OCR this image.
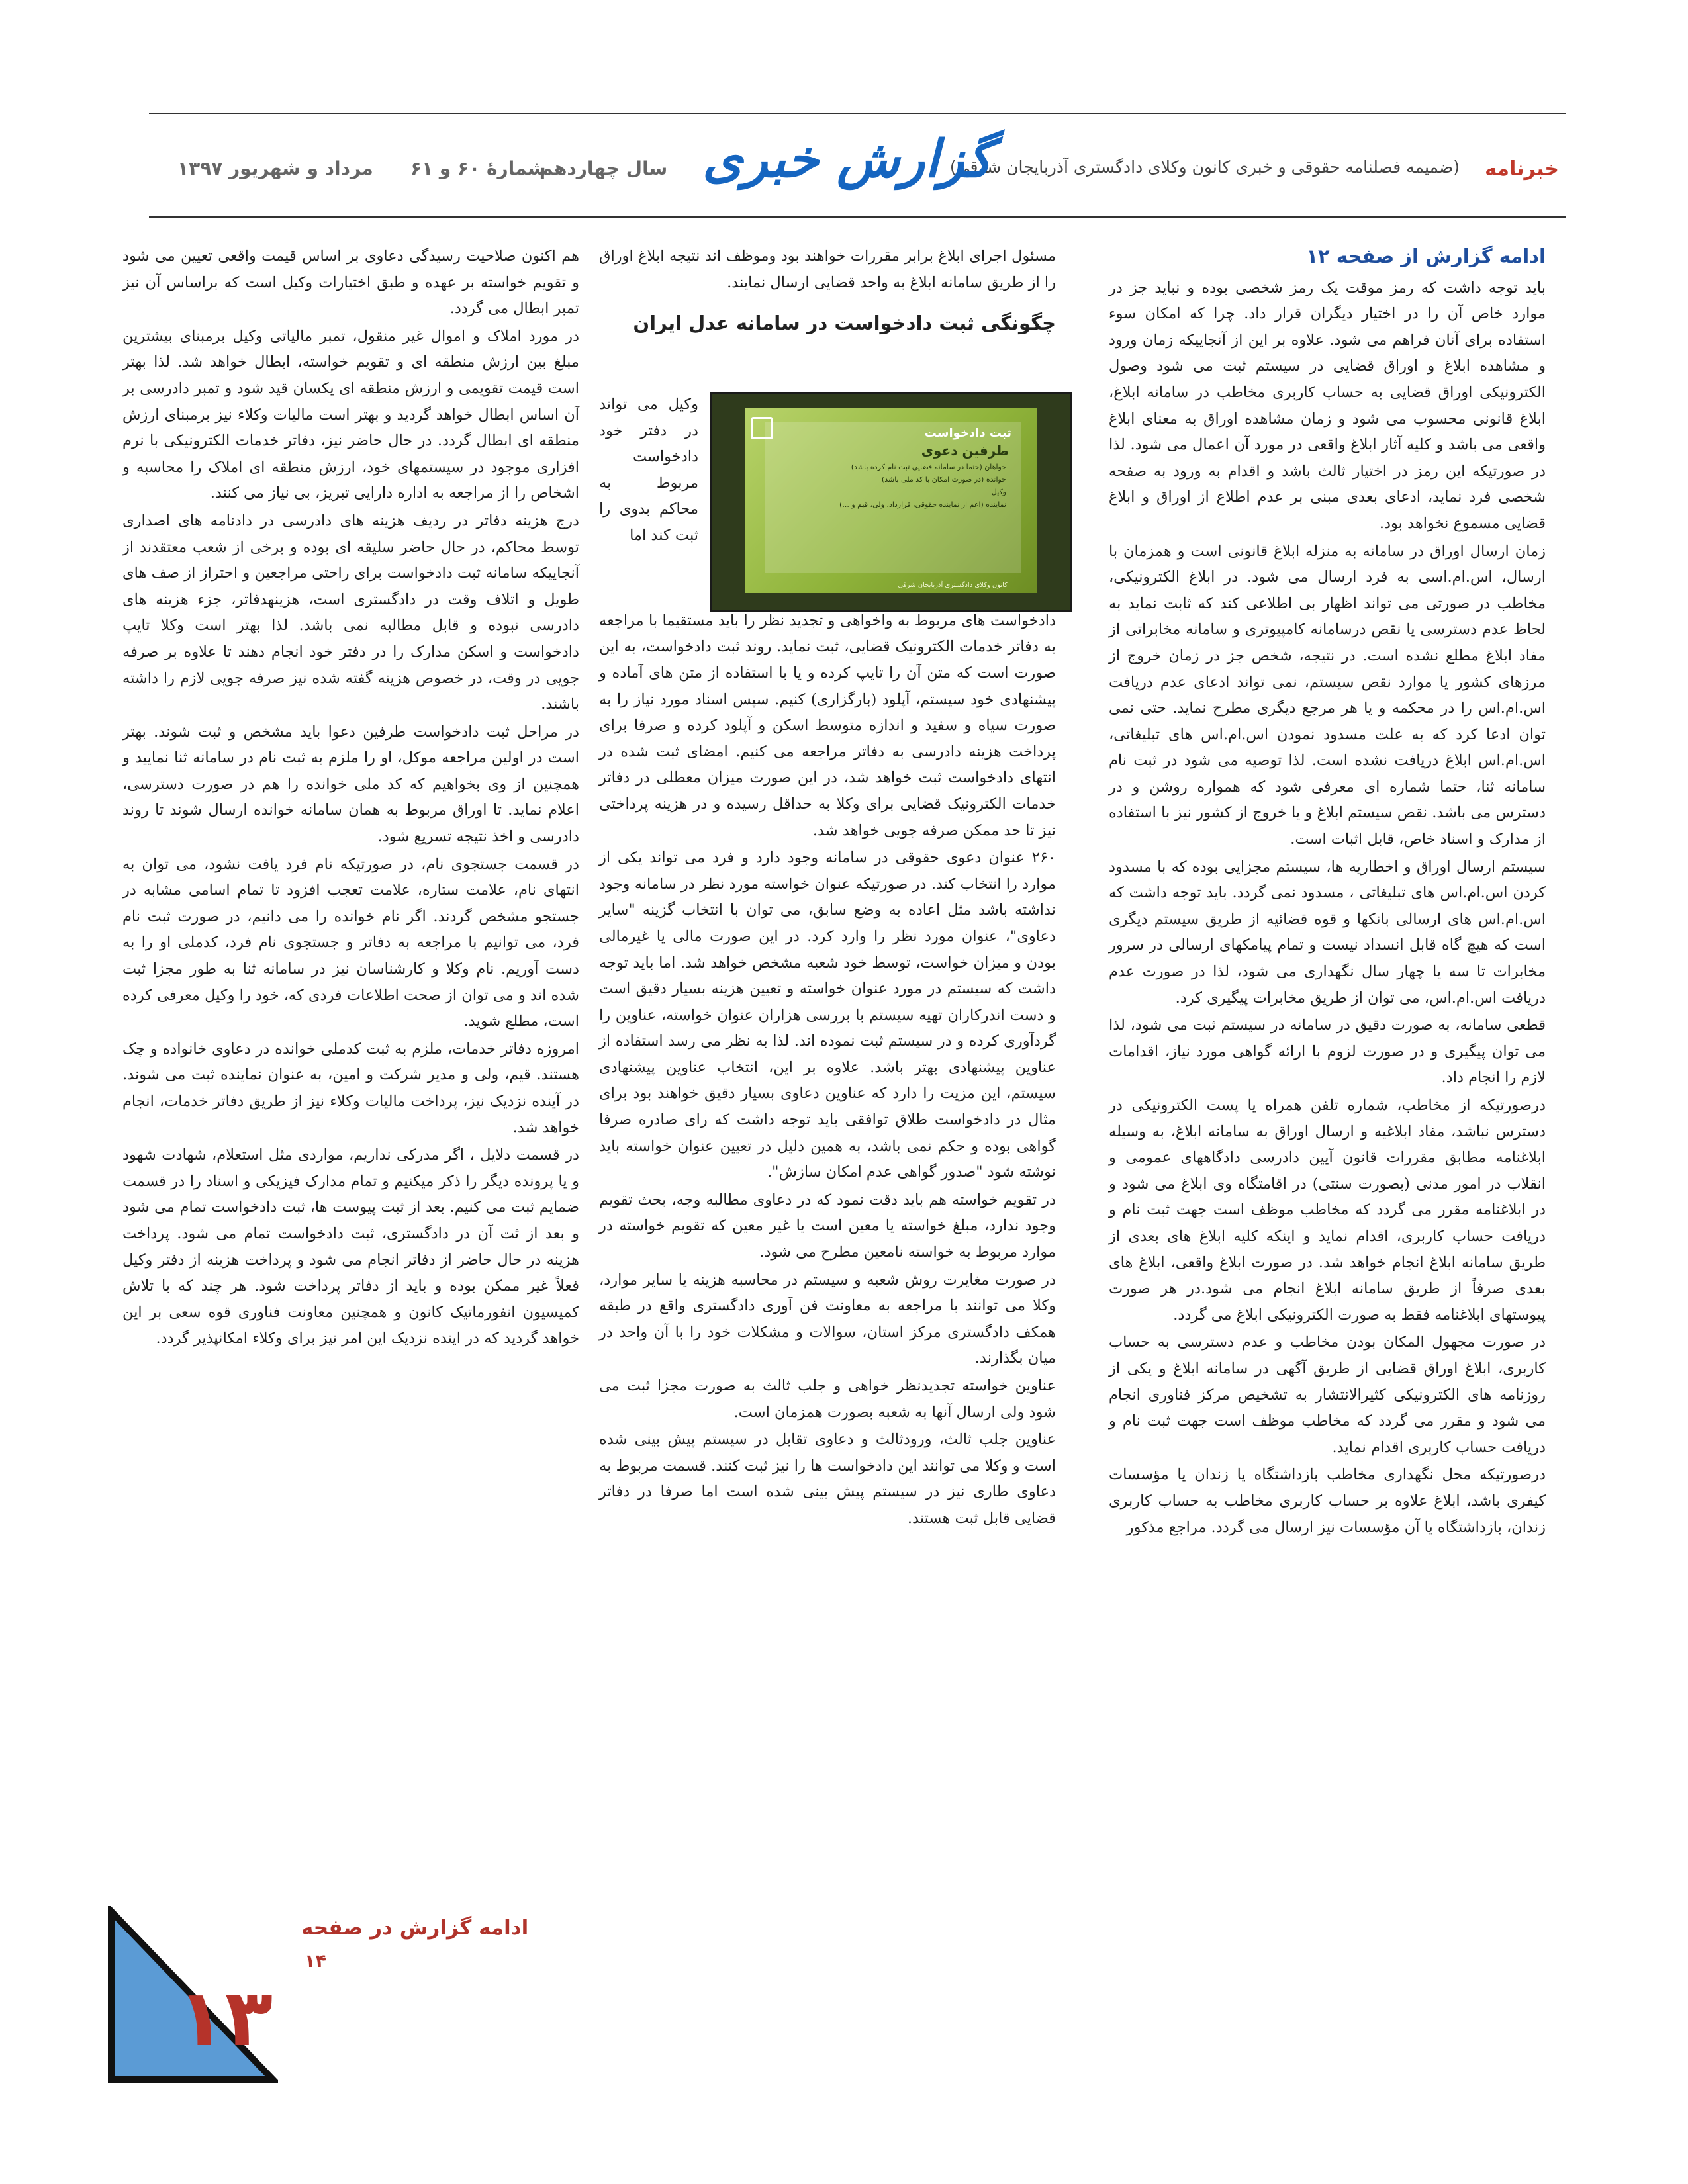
خبرنامه
(ضمیمه فصلنامه حقوقی و خبری کانون وکلای دادگستری آذربایجان شرقی)
گزارش خبری
سال چهاردهم
شمارهٔ ۶۰ و ۶۱
مرداد و شهریور ۱۳۹۷
ادامه گزارش از صفحه ۱۲

باید توجه داشت که رمز موقت یک رمز شخصی بوده و نباید جز در موارد خاص آن را در اختیار دیگران قرار داد. چرا که امکان سوء استفاده برای آنان فراهم می شود. علاوه بر این از آنجاییکه زمان ورود و مشاهده ابلاغ و اوراق قضایی در سیستم ثبت می شود وصول الکترونیکی اوراق قضایی به حساب کاربری مخاطب در سامانه ابلاغ، ابلاغ قانونی محسوب می شود و زمان مشاهده اوراق به معنای ابلاغ واقعی می باشد و کلیه آثار ابلاغ واقعی در مورد آن اعمال می شود. لذا در صورتیکه این رمز در اختیار ثالث باشد و اقدام به ورود به صفحه شخصی فرد نماید، ادعای بعدی مبنی بر عدم اطلاع از اوراق و ابلاغ قضایی مسموع نخواهد بود.

زمان ارسال اوراق در سامانه به منزله ابلاغ قانونی است و همزمان با ارسال، اس.ام.اسی به فرد ارسال می شود. در ابلاغ الکترونیکی، مخاطب در صورتی می تواند اظهار بی اطلاعی کند که ثابت نماید به لحاظ عدم دسترسی یا نقص درسامانه کامپیوتری و سامانه مخابراتی از مفاد ابلاغ مطلع نشده است. در نتیجه، شخص جز در زمان خروج از مرزهای کشور یا موارد نقص سیستم، نمی تواند ادعای عدم دریافت اس.ام.اس را در محکمه و یا هر مرجع دیگری مطرح نماید. حتی نمی توان ادعا کرد که به علت مسدود نمودن اس.ام.اس های تبلیغاتی، اس.ام.اس ابلاغ دریافت نشده است. لذا توصیه می شود در ثبت نام سامانه ثنا، حتما شماره ای معرفی شود که همواره روشن و در دسترس می باشد. نقص سیستم ابلاغ و یا خروج از کشور نیز با استفاده از مدارک و اسناد خاص، قابل اثبات است.

سیستم ارسال اوراق و اخطاریه ها، سیستم مجزایی بوده که با مسدود کردن اس.ام.اس های تبلیغاتی ، مسدود نمی گردد. باید توجه داشت که اس.ام.اس های ارسالی بانکها و قوه قضائیه از طریق سیستم دیگری است که هیچ گاه قابل انسداد نیست و تمام پیامکهای ارسالی در سرور مخابرات تا سه یا چهار سال نگهداری می شود، لذا در صورت عدم دریافت اس.ام.اس، می توان از طریق مخابرات پیگیری کرد.

قطعی سامانه، به صورت دقیق در سامانه در سیستم ثبت می شود، لذا می توان پیگیری و در صورت لزوم با ارائه گواهی مورد نیاز، اقدامات لازم را انجام داد.

درصورتیکه از مخاطب، شماره تلفن همراه یا پست الکترونیکی در دسترس نباشد، مفاد ابلاغیه و ارسال اوراق به سامانه ابلاغ، به وسیله ابلاغنامه مطابق مقررات قانون آیین دادرسی دادگاههای عمومی و انقلاب در امور مدنی (بصورت سنتی) در اقامتگاه وی ابلاغ می شود و در ابلاغنامه مقرر می گردد که مخاطب موظف است جهت ثبت نام و دریافت حساب کاربری، اقدام نماید و اینکه کلیه ابلاغ های بعدی از طریق سامانه ابلاغ انجام خواهد شد. در صورت ابلاغ واقعی، ابلاغ های بعدی صرفاً از طریق سامانه ابلاغ انجام می شود.در هر صورت پیوستهای ابلاغنامه فقط به صورت الکترونیکی ابلاغ می گردد.

در صورت مجهول المکان بودن مخاطب و عدم دسترسی به حساب کاربری، ابلاغ اوراق قضایی از طریق آگهی در سامانه ابلاغ و یکی از روزنامه های الکترونیکی کثیرالانتشار به تشخیص مرکز فناوری انجام می شود و مقرر می گردد که مخاطب موظف است جهت ثبت نام و دریافت حساب کاربری اقدام نماید.

درصورتیکه محل نگهداری مخاطب بازداشتگاه یا زندان یا مؤسسات کیفری باشد، ابلاغ علاوه بر حساب کاربری مخاطب به حساب کاربری زندان، بازداشتگاه یا آن مؤسسات نیز ارسال می گردد. مراجع مذکور

مسئول اجرای ابلاغ برابر مقررات خواهند بود وموظف اند نتیجه ابلاغ اوراق را از طریق سامانه ابلاغ به واحد قضایی ارسال نمایند.

چگونگی ثبت دادخواست در سامانه عدل ایران

دادخواست های مربوط به واخواهی و تجدید نظر را باید مستقیما با مراجعه به دفاتر خدمات الکترونیک قضایی، ثبت نماید. روند ثبت دادخواست، به این صورت است که متن آن را تایپ کرده و یا با استفاده از متن های آماده و پیشنهادی خود سیستم، آپلود (بارگزاری) کنیم. سپس اسناد مورد نیاز را به صورت سیاه و سفید و اندازه متوسط اسکن و آپلود کرده و صرفا برای پرداخت هزینه دادرسی به دفاتر مراجعه می کنیم. امضای ثبت شده در انتهای دادخواست ثبت خواهد شد، در این صورت میزان معطلی در دفاتر خدمات الکترونیک قضایی برای وکلا به حداقل رسیده و در هزینه پرداختی نیز تا حد ممکن صرفه جویی خواهد شد.

۲۶۰ عنوان دعوی حقوقی در سامانه وجود دارد و فرد می تواند یکی از موارد را انتخاب کند. در صورتیکه عنوان خواسته مورد نظر در سامانه وجود نداشته باشد مثل اعاده به وضع سابق، می توان با انتخاب گزینه "سایر دعاوی"، عنوان مورد نظر را وارد کرد. در این صورت مالی یا غیرمالی بودن و میزان خواست، توسط خود شعبه مشخص خواهد شد. اما باید توجه داشت که سیستم در مورد عنوان خواسته و تعیین هزینه بسیار دقیق است و دست اندرکاران تهیه سیستم با بررسی هزاران عنوان خواسته، عناوین را گردآوری کرده و در سیستم ثبت نموده اند. لذا به نظر می رسد استفاده از عناوین پیشنهادی بهتر باشد. علاوه بر این، انتخاب عناوین پیشنهادی سیستم، این مزیت را دارد که عناوین دعاوی بسیار دقیق خواهند بود برای مثال در دادخواست طلاق توافقی باید توجه داشت که رای صادره صرفا گواهی بوده و حکم نمی باشد، به همین دلیل در تعیین عنوان خواسته باید نوشته شود "صدور گواهی عدم امکان سازش".

در تقویم خواسته هم باید دقت نمود که در دعاوی مطالبه وجه، بحث تقویم وجود ندارد، مبلغ خواسته یا معین است یا غیر معین که تقویم خواسته در موارد مربوط به خواسته نامعین مطرح می شود.

در صورت مغایرت روش شعبه و سیستم در محاسبه هزینه یا سایر موارد، وکلا می توانند با مراجعه به معاونت فن آوری دادگستری واقع در طبقه همکف دادگستری مرکز استان، سوالات و مشکلات خود را با آن واحد در میان بگذارند.

عناوین خواسته تجدیدنظر خواهی و جلب ثالث به صورت مجزا ثبت می شود ولی ارسال آنها به شعبه بصورت همزمان است.

عناوین جلب ثالث، ورودثالث و دعاوی تقابل در سیستم پیش بینی شده است و وکلا می توانند این دادخواست ها را نیز ثبت کنند. قسمت مربوط به دعاوی طاری نیز در سیستم پیش بینی شده است اما صرفا در دفاتر قضایی قابل ثبت هستند.

وکیل می تواند در دفتر خود دادخواست مربوط به محاکم بدوی را ثبت کند اما
ثبت دادخواست
طرفین دعوی
خواهان (حتما در سامانه قضایی ثبت نام کرده باشد)
خوانده (در صورت امکان با کد ملی باشد)
وکیل
نماینده (اعم از نماینده حقوقی، قرارداد، ولی، قیم و ...)
کانون وکلای دادگستری آذربایجان شرقی

هم اکنون صلاحیت رسیدگی دعاوی بر اساس قیمت واقعی تعیین می شود و تقویم خواسته بر عهده و طبق اختیارات وکیل است که براساس آن نیز تمبر ابطال می گردد.

در مورد املاک و اموال غیر منقول، تمبر مالیاتی وکیل برمبنای بیشترین مبلغ بین ارزش منطقه ای و تقویم خواسته، ابطال خواهد شد. لذا بهتر است قیمت تقویمی و ارزش منطقه ای یکسان قید شود و تمبر دادرسی بر آن اساس ابطال خواهد گردید و بهتر است مالیات وکلاء نیز برمبنای ارزش منطقه ای ابطال گردد. در حال حاضر نیز، دفاتر خدمات الکترونیکی با نرم افزاری موجود در سیستمهای خود، ارزش منطقه ای املاک را محاسبه و اشخاص را از مراجعه به اداره دارایی تبریز، بی نیاز می کنند.

درج هزینه دفاتر در ردیف هزینه های دادرسی در دادنامه های اصداری توسط محاکم، در حال حاضر سلیقه ای بوده و برخی از شعب معتقدند از آنجاییکه سامانه ثبت دادخواست برای راحتی مراجعین و احتراز از صف های طویل و اتلاف وقت در دادگستری است، هزینهدفاتر، جزء هزینه های دادرسی نبوده و قابل مطالبه نمی باشد. لذا بهتر است وکلا تایپ دادخواست و اسکن مدارک را در دفتر خود انجام دهند تا علاوه بر صرفه جویی در وقت، در خصوص هزینه گفته شده نیز صرفه جویی لازم را داشته باشند.

در مراحل ثبت دادخواست طرفین دعوا باید مشخص و ثبت شوند. بهتر است در اولین مراجعه موکل، او را ملزم به ثبت نام در سامانه ثنا نمایید و همچنین از وی بخواهیم که کد ملی خوانده را هم در صورت دسترسی، اعلام نماید. تا اوراق مربوط به همان سامانه خوانده ارسال شوند تا روند دادرسی و اخذ نتیجه تسریع شود.

در قسمت جستجوی نام، در صورتیکه نام فرد یافت نشود، می توان به انتهای نام، علامت ستاره، علامت تعجب افزود تا تمام اسامی مشابه در جستجو مشخص گردند. اگر نام خوانده را می دانیم، در صورت ثبت نام فرد، می توانیم با مراجعه به دفاتر و جستجوی نام فرد، کدملی او را به دست آوریم. نام وکلا و کارشناسان نیز در سامانه ثنا به طور مجزا ثبت شده اند و می توان از صحت اطلاعات فردی که، خود را وکیل معرفی کرده است، مطلع شوید.

امروزه دفاتر خدمات، ملزم به ثبت کدملی خوانده در دعاوی خانواده و چک هستند. قیم، ولی و مدیر شرکت و امین، به عنوان نماینده ثبت می شوند. در آینده نزدیک نیز، پرداخت مالیات وکلاء نیز از طریق دفاتر خدمات، انجام خواهد شد.

در قسمت دلایل ، اگر مدرکی نداریم، مواردی مثل استعلام، شهادت شهود و یا پرونده دیگر را ذکر میکنیم و تمام مدارک فیزیکی و اسناد را در قسمت ضمایم ثبت می کنیم. بعد از ثبت پیوست ها، ثبت دادخواست تمام می شود و بعد از ثت آن در دادگستری، ثبت دادخواست تمام می شود. پرداخت هزینه در حال حاضر از دفاتر انجام می شود و پرداخت هزینه از دفتر وکیل فعلاً غیر ممکن بوده و باید از دفاتر پرداخت شود. هر چند که با تلاش کمیسیون انفورماتیک کانون و همچنین معاونت فناوری قوه سعی بر این خواهد گردید که در اینده نزدیک این امر نیز برای وکلاء امکانپذیر گردد.

ادامه گزارش در صفحه
۱۴
۱۳
